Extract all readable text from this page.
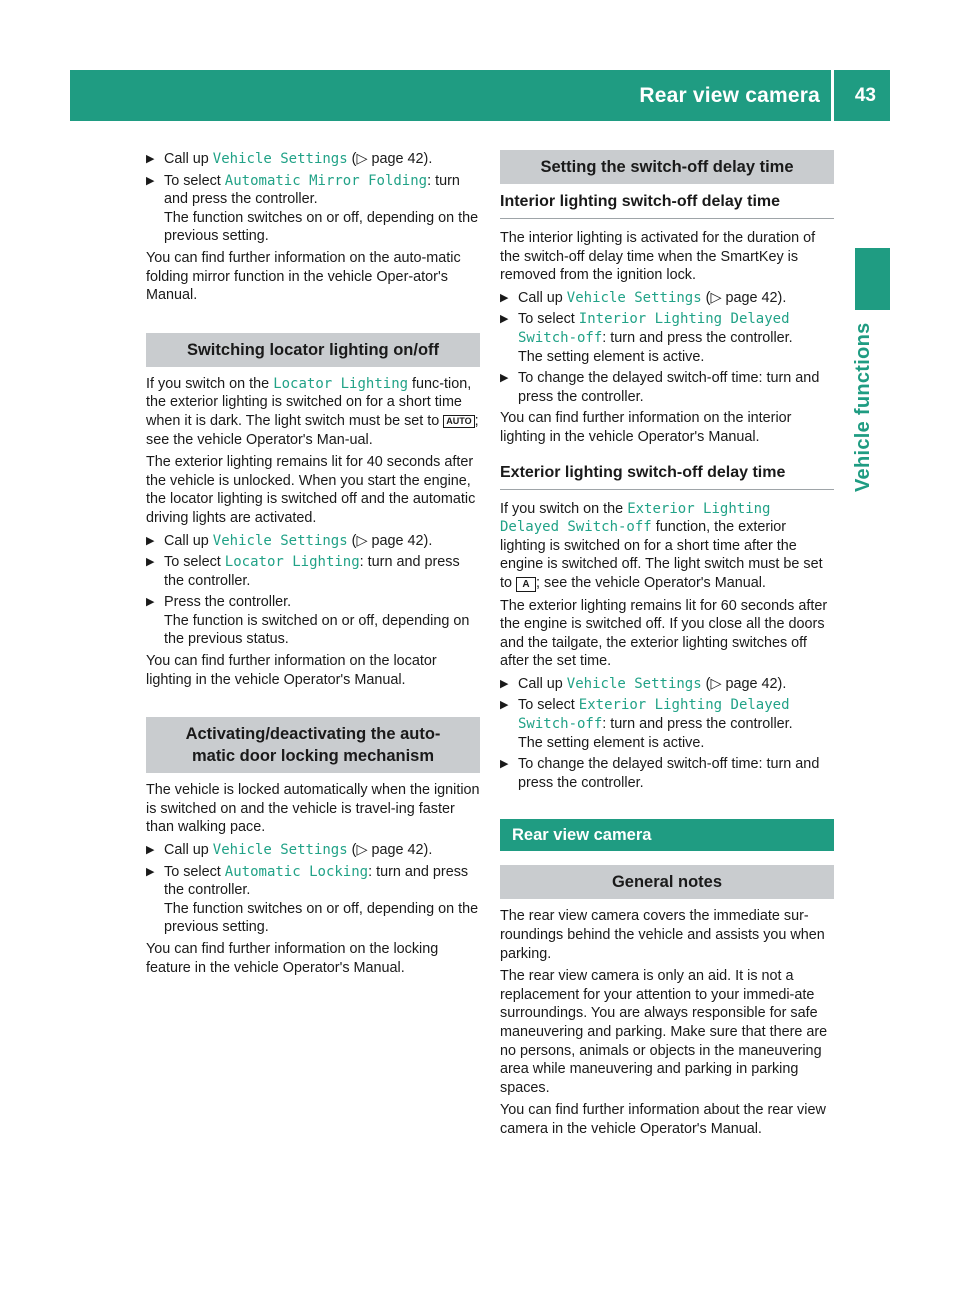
Rear view camera 43
Vehicle functions
▶ Call up Vehicle Settings (▷ page 42).
▶ To select Automatic Mirror Folding: turn and press the controller.
The function switches on or off, depending on the previous setting.

You can find further information on the auto-matic folding mirror function in the vehicle Oper-ator's Manual.

Switching locator lighting on/off

If you switch on the Locator Lighting func-tion, the exterior lighting is switched on for a short time when it is dark. The light switch must be set to AUTO ; see the vehicle Operator's Man-ual.

The exterior lighting remains lit for 40 seconds after the vehicle is unlocked. When you start the engine, the locator lighting is switched off and the automatic driving lights are activated.

▶ Call up Vehicle Settings (▷ page 42).
▶ To select Locator Lighting: turn and press the controller.
▶ Press the controller.
The function is switched on or off, depending on the previous status.

You can find further information on the locator lighting in the vehicle Operator's Manual.

Activating/deactivating the auto-
matic door locking mechanism

The vehicle is locked automatically when the ignition is switched on and the vehicle is travel-ing faster than walking pace.

▶ Call up Vehicle Settings (▷ page 42).
▶ To select Automatic Locking: turn and press the controller.
The function switches on or off, depending on the previous setting.

You can find further information on the locking feature in the vehicle Operator's Manual.

Setting the switch-off delay time
Interior lighting switch-off delay time

The interior lighting is activated for the duration of the switch-off delay time when the SmartKey is removed from the ignition lock.

▶ Call up Vehicle Settings (▷ page 42).
▶ To select Interior Lighting Delayed
Switch-off: turn and press the controller.
The setting element is active.
▶ To change the delayed switch-off time: turn and press the controller.

You can find further information on the interior lighting in the vehicle Operator's Manual.

Exterior lighting switch-off delay time

If you switch on the Exterior Lighting
Delayed Switch-off function, the exterior lighting is switched on for a short time after the engine is switched off. The light switch must be set to A ; see the vehicle Operator's Manual.

The exterior lighting remains lit for 60 seconds after the engine is switched off. If you close all the doors and the tailgate, the exterior lighting switches off after the set time.

▶ Call up Vehicle Settings (▷ page 42).
▶ To select Exterior Lighting Delayed
Switch-off: turn and press the controller.
The setting element is active.
▶ To change the delayed switch-off time: turn and press the controller.
Rear view camera
General notes

The rear view camera covers the immediate sur-roundings behind the vehicle and assists you when parking.

The rear view camera is only an aid. It is not a replacement for your attention to your immedi-ate surroundings. You are always responsible for safe maneuvering and parking. Make sure that there are no persons, animals or objects in the maneuvering area while maneuvering and parking in parking spaces.

You can find further information about the rear view camera in the vehicle Operator's Manual.
